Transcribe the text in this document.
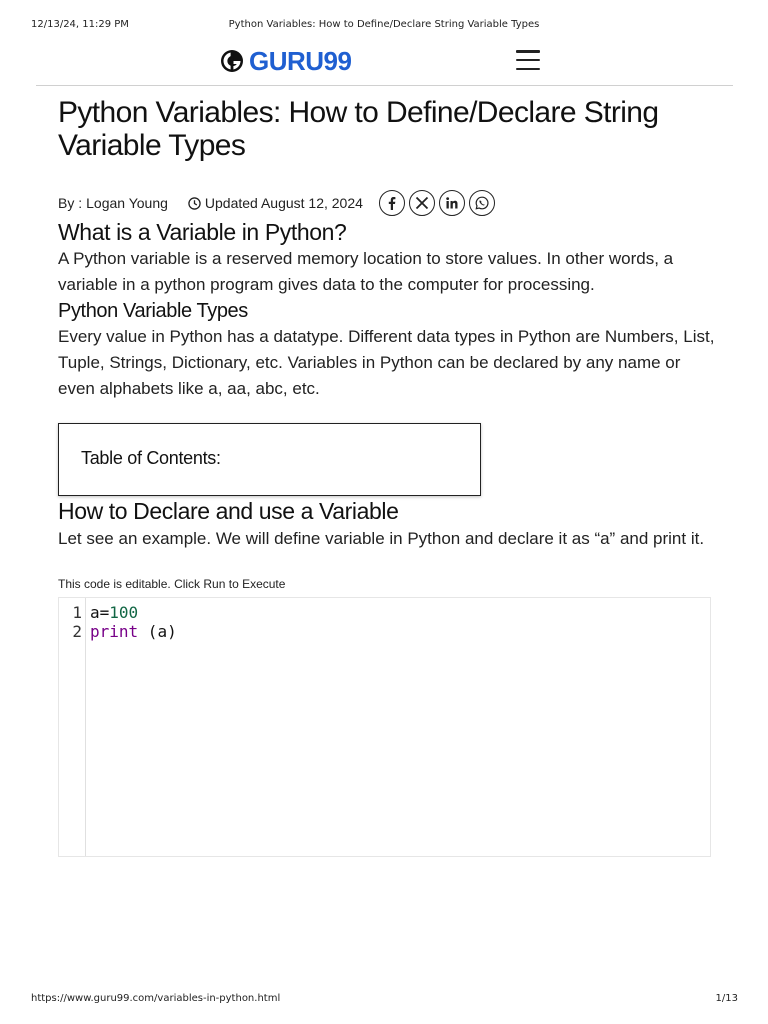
12/13/24, 11:29 PM	Python Variables: How to Define/Declare String Variable Types
GURU99
Python Variables: How to Define/Declare String Variable Types
By : Logan Young	Updated August 12, 2024
What is a Variable in Python?

A Python variable is a reserved memory location to store values. In other words, a variable in a python program gives data to the computer for processing.

Python Variable Types

Every value in Python has a datatype. Different data types in Python are Numbers, List, Tuple, Strings, Dictionary, etc. Variables in Python can be declared by any name or even alphabets like a, aa, abc, etc.

Table of Contents:
How to Declare and use a Variable

Let see an example. We will define variable in Python and declare it as “a” and print it.

This code is editable. Click Run to Execute
1
2
a=100
print (a)
https://www.guru99.com/variables-in-python.html	1/13
